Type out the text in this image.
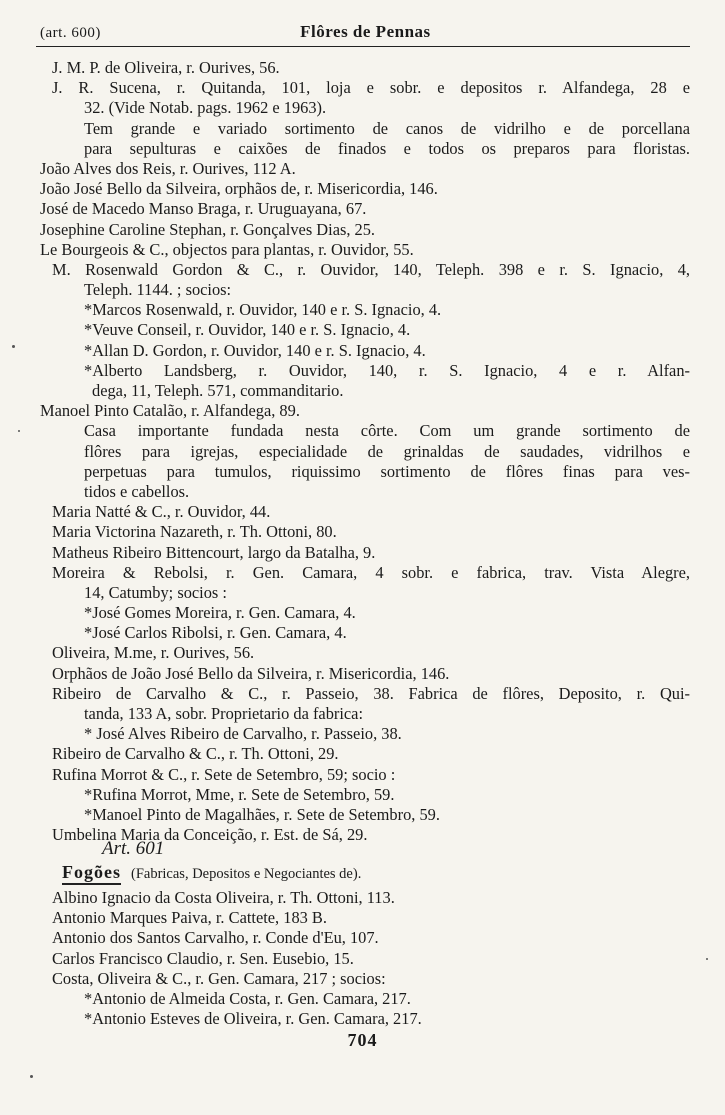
(art. 600)	Flôres de Pennas
J. M. P. de Oliveira, r. Ourives, 56.
J. R. Sucena, r. Quitanda, 101, loja e sobr. e depositos r. Alfandega, 28 e
32. (Vide Notab. pags. 1962 e 1963).
Tem grande e variado sortimento de canos de vidrilho e de porcellana
para sepulturas e caixões de finados e todos os preparos para floristas.
João Alves dos Reis, r. Ourives, 112 A.
João José Bello da Silveira, orphãos de, r. Misericordia, 146.
José de Macedo Manso Braga, r. Uruguayana, 67.
Josephine Caroline Stephan, r. Gonçalves Dias, 25.
Le Bourgeois & C., objectos para plantas, r. Ouvidor, 55.
M. Rosenwald Gordon & C., r. Ouvidor, 140, Teleph. 398 e r. S. Ignacio, 4,
Teleph. 1144. ; socios:
*Marcos Rosenwald, r. Ouvidor, 140 e r. S. Ignacio, 4.
*Veuve Conseil, r. Ouvidor, 140 e r. S. Ignacio, 4.
*Allan D. Gordon, r. Ouvidor, 140 e r. S. Ignacio, 4.
*Alberto Landsberg, r. Ouvidor, 140, r. S. Ignacio, 4 e r. Alfan-
dega, 11, Teleph. 571, commanditario.
Manoel Pinto Catalão, r. Alfandega, 89.
Casa importante fundada nesta côrte. Com um grande sortimento de
flôres para igrejas, especialidade de grinaldas de saudades, vidrilhos e
perpetuas para tumulos, riquissimo sortimento de flôres finas para ves-
tidos e cabellos.
Maria Natté & C., r. Ouvidor, 44.
Maria Victorina Nazareth, r. Th. Ottoni, 80.
Matheus Ribeiro Bittencourt, largo da Batalha, 9.
Moreira & Rebolsi, r. Gen. Camara, 4 sobr. e fabrica, trav. Vista Alegre,
14, Catumby; socios :
*José Gomes Moreira, r. Gen. Camara, 4.
*José Carlos Ribolsi, r. Gen. Camara, 4.
Oliveira, M.me, r. Ourives, 56.
Orphãos de João José Bello da Silveira, r. Misericordia, 146.
Ribeiro de Carvalho & C., r. Passeio, 38. Fabrica de flôres, Deposito, r. Qui-
tanda, 133 A, sobr. Proprietario da fabrica:
* José Alves Ribeiro de Carvalho, r. Passeio, 38.
Ribeiro de Carvalho & C., r. Th. Ottoni, 29.
Rufina Morrot & C., r. Sete de Setembro, 59; socio :
*Rufina Morrot, Mme, r. Sete de Setembro, 59.
*Manoel Pinto de Magalhães, r. Sete de Setembro, 59.
Umbelina Maria da Conceição, r. Est. de Sá, 29.
Art. 601
Fogões (Fabricas, Depositos e Negociantes de).
Albino Ignacio da Costa Oliveira, r. Th. Ottoni, 113.
Antonio Marques Paiva, r. Cattete, 183 B.
Antonio dos Santos Carvalho, r. Conde d'Eu, 107.
Carlos Francisco Claudio, r. Sen. Eusebio, 15.
Costa, Oliveira & C., r. Gen. Camara, 217 ; socios:
*Antonio de Almeida Costa, r. Gen. Camara, 217.
*Antonio Esteves de Oliveira, r. Gen. Camara, 217.
704
